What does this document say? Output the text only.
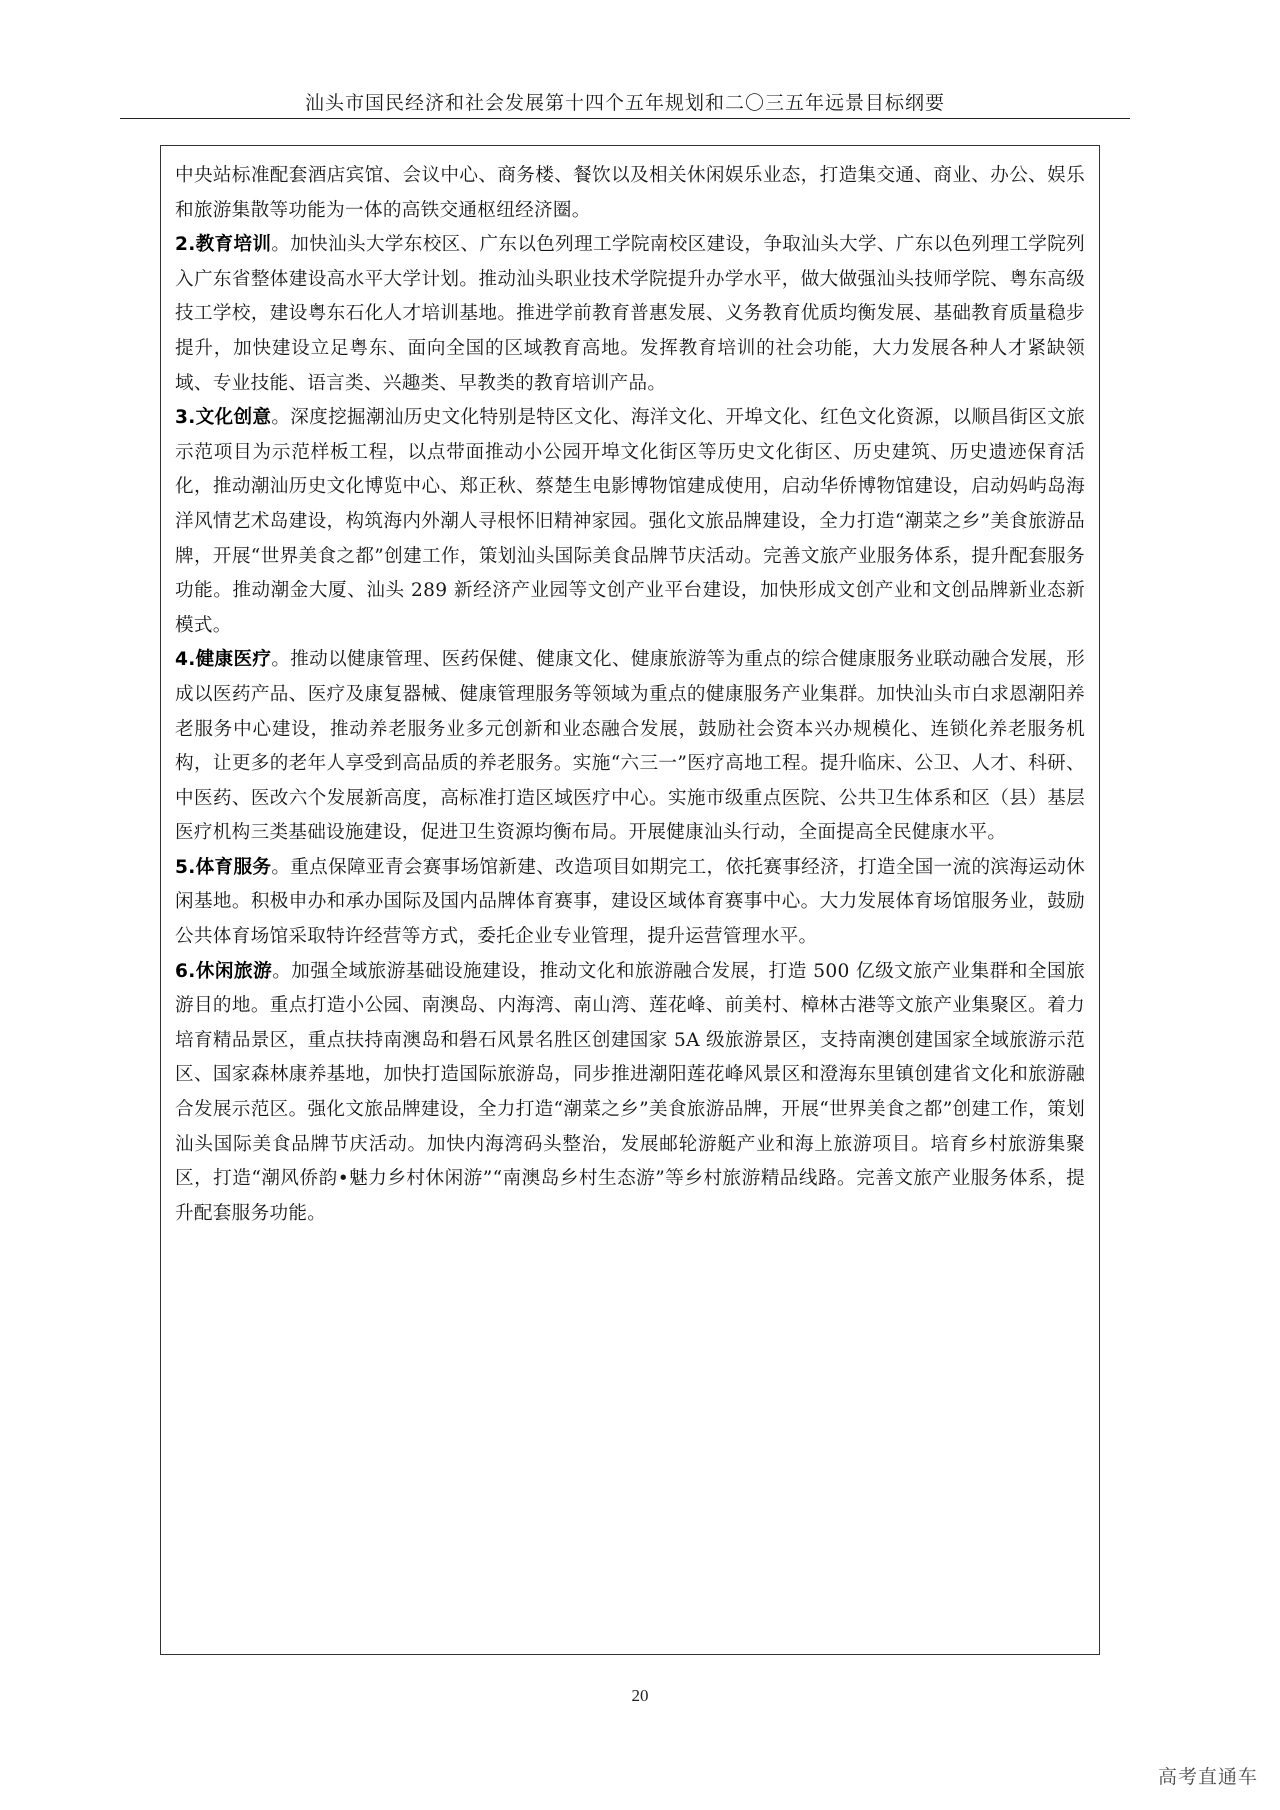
汕头市国民经济和社会发展第十四个五年规划和二〇三五年远景目标纲要

中央站标准配套酒店宾馆、会议中心、商务楼、餐饮以及相关休闲娱乐业态，打造集交通、商业、办公、娱乐和旅游集散等功能为一体的高铁交通枢纽经济圈。

2.教育培训。加快汕头大学东校区、广东以色列理工学院南校区建设，争取汕头大学、广东以色列理工学院列入广东省整体建设高水平大学计划。推动汕头职业技术学院提升办学水平，做大做强汕头技师学院、粤东高级技工学校，建设粤东石化人才培训基地。推进学前教育普惠发展、义务教育优质均衡发展、基础教育质量稳步提升，加快建设立足粤东、面向全国的区域教育高地。发挥教育培训的社会功能，大力发展各种人才紧缺领域、专业技能、语言类、兴趣类、早教类的教育培训产品。

3.文化创意。深度挖掘潮汕历史文化特别是特区文化、海洋文化、开埠文化、红色文化资源，以顺昌街区文旅示范项目为示范样板工程，以点带面推动小公园开埠文化街区等历史文化街区、历史建筑、历史遗迹保育活化，推动潮汕历史文化博览中心、郑正秋、蔡楚生电影博物馆建成使用，启动华侨博物馆建设，启动妈屿岛海洋风情艺术岛建设，构筑海内外潮人寻根怀旧精神家园。强化文旅品牌建设，全力打造“潮菜之乡”美食旅游品牌，开展“世界美食之都”创建工作，策划汕头国际美食品牌节庆活动。完善文旅产业服务体系，提升配套服务功能。推动潮金大厦、汕头 289 新经济产业园等文创产业平台建设，加快形成文创产业和文创品牌新业态新模式。

4.健康医疗。推动以健康管理、医药保健、健康文化、健康旅游等为重点的综合健康服务业联动融合发展，形成以医药产品、医疗及康复器械、健康管理服务等领域为重点的健康服务产业集群。加快汕头市白求恩潮阳养老服务中心建设，推动养老服务业多元创新和业态融合发展，鼓励社会资本兴办规模化、连锁化养老服务机构，让更多的老年人享受到高品质的养老服务。实施“六三一”医疗高地工程。提升临床、公卫、人才、科研、中医药、医改六个发展新高度，高标准打造区域医疗中心。实施市级重点医院、公共卫生体系和区（县）基层医疗机构三类基础设施建设，促进卫生资源均衡布局。开展健康汕头行动，全面提高全民健康水平。

5.体育服务。重点保障亚青会赛事场馆新建、改造项目如期完工，依托赛事经济，打造全国一流的滨海运动休闲基地。积极申办和承办国际及国内品牌体育赛事，建设区域体育赛事中心。大力发展体育场馆服务业，鼓励公共体育场馆采取特许经营等方式，委托企业专业管理，提升运营管理水平。

6.休闲旅游。加强全域旅游基础设施建设，推动文化和旅游融合发展，打造 500 亿级文旅产业集群和全国旅游目的地。重点打造小公园、南澳岛、内海湾、南山湾、莲花峰、前美村、樟林古港等文旅产业集聚区。着力培育精品景区，重点扶持南澳岛和礐石风景名胜区创建国家 5A 级旅游景区，支持南澳创建国家全域旅游示范区、国家森林康养基地，加快打造国际旅游岛，同步推进潮阳莲花峰风景区和澄海东里镇创建省文化和旅游融合发展示范区。强化文旅品牌建设，全力打造“潮菜之乡”美食旅游品牌，开展“世界美食之都”创建工作，策划汕头国际美食品牌节庆活动。加快内海湾码头整治，发展邮轮游艇产业和海上旅游项目。培育乡村旅游集聚区，打造“潮风侨韵•魅力乡村休闲游”“南澳岛乡村生态游”等乡村旅游精品线路。完善文旅产业服务体系，提升配套服务功能。

20
高考直通车
